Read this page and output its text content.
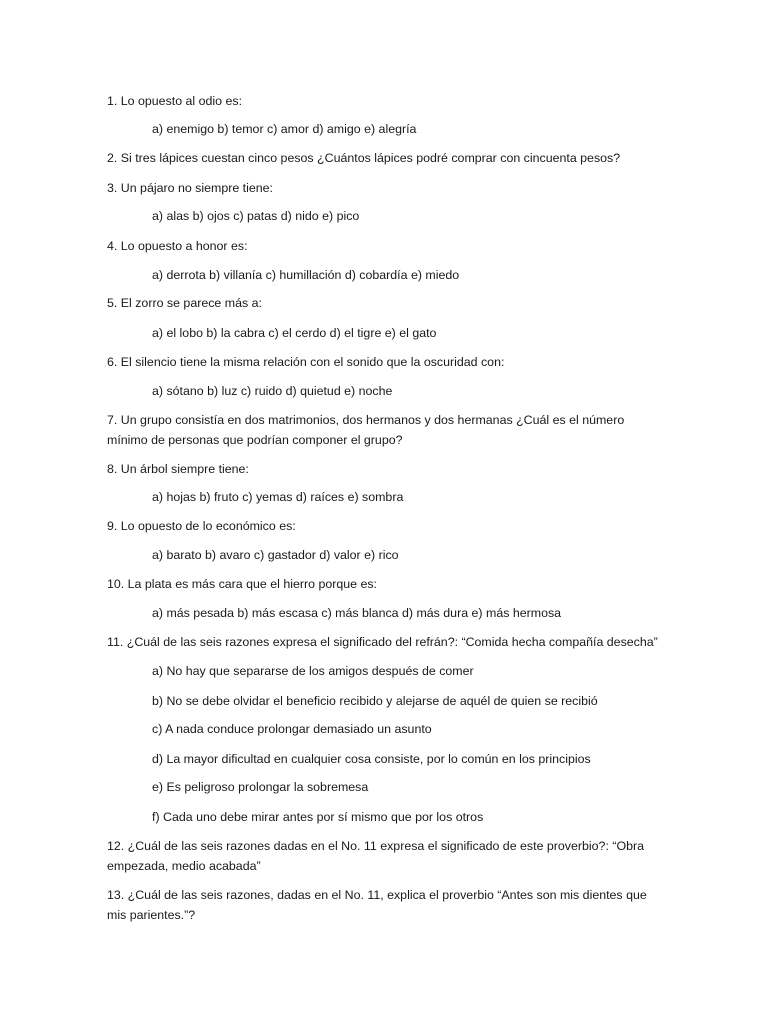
1. Lo opuesto al odio es:
a) enemigo b) temor c) amor d) amigo e) alegría
2. Si tres lápices cuestan cinco pesos ¿Cuántos lápices podré comprar con cincuenta pesos?
3. Un pájaro no siempre tiene:
a) alas b) ojos c) patas d) nido e) pico
4. Lo opuesto a honor es:
a) derrota b) villanía c) humillación d) cobardía e) miedo
5. El zorro se parece más a:
a) el lobo b) la cabra c) el cerdo d) el tigre e) el gato
6. El silencio tiene la misma relación con el sonido que la oscuridad con:
a) sótano b) luz c) ruido d) quietud e) noche
7. Un grupo consistía en dos matrimonios, dos hermanos y dos hermanas ¿Cuál es el número
mínimo de personas que podrían componer el grupo?
8. Un árbol siempre tiene:
a) hojas b) fruto c) yemas d) raíces e) sombra
9. Lo opuesto de lo económico es:
a) barato b) avaro c) gastador d) valor e) rico
10. La plata es más cara que el hierro porque es:
a) más pesada b) más escasa c) más blanca d) más dura e) más hermosa
11. ¿Cuál de las seis razones expresa el significado del refrán?: “Comida hecha compañía desecha”
a) No hay que separarse de los amigos después de comer
b) No se debe olvidar el beneficio recibido y alejarse de aquél de quien se recibió
c) A nada conduce prolongar demasiado un asunto
d) La mayor dificultad en cualquier cosa consiste, por lo común en los principios
e) Es peligroso prolongar la sobremesa
f) Cada uno debe mirar antes por sí mismo que por los otros
12. ¿Cuál de las seis razones dadas en el No. 11 expresa el significado de este proverbio?: “Obra
empezada, medio acabada”
13. ¿Cuál de las seis razones, dadas en el No. 11, explica el proverbio “Antes son mis dientes que
mis parientes.”?
